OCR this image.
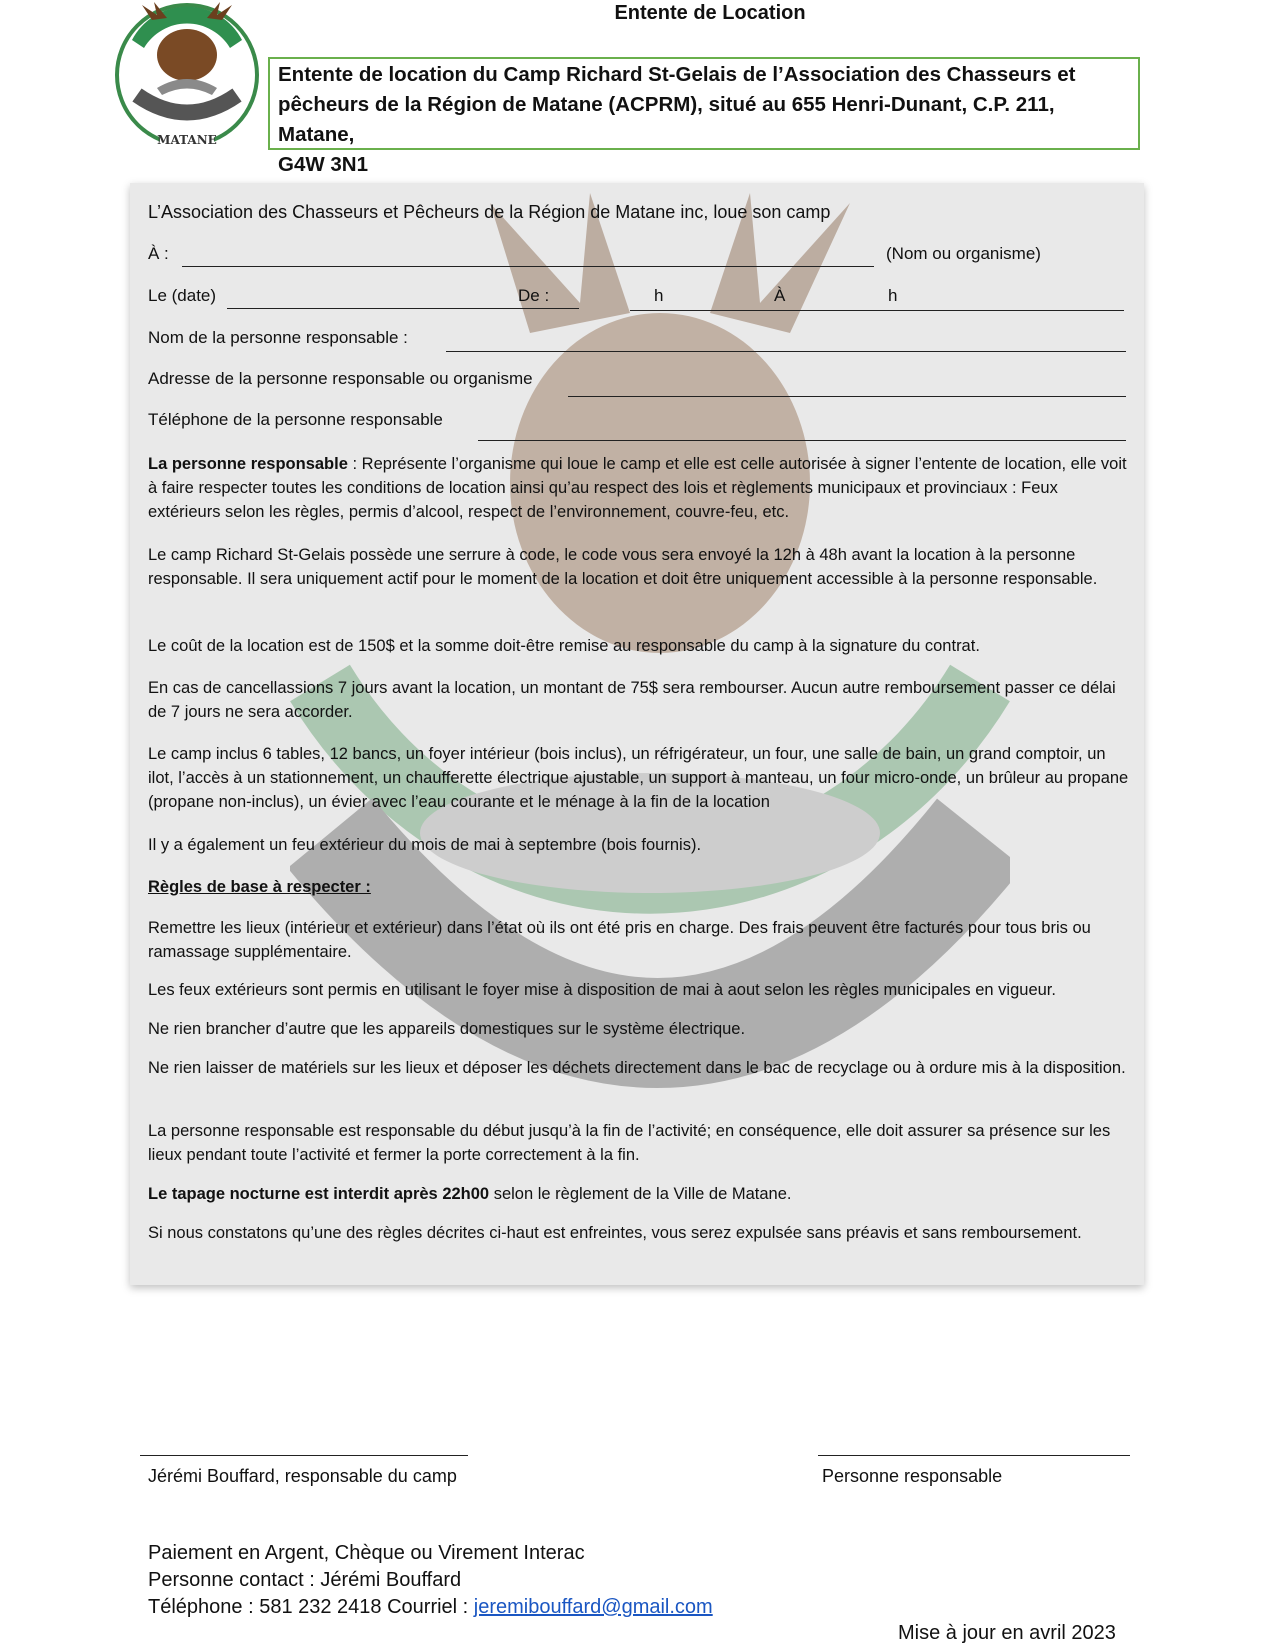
MATANE
Entente de Location
Entente de location du Camp Richard St-Gelais de l’Association des Chasseurs et
pêcheurs de la Région de Matane (ACPRM), situé au 655 Henri-Dunant, C.P. 211, Matane,
G4W 3N1
L’Association des Chasseurs et Pêcheurs de la Région de Matane inc, loue son camp
À :	(Nom ou organisme)
Le (date)	De :	h	À	h
Nom de la personne responsable :
Adresse de la personne responsable ou organisme
Téléphone de la personne responsable

La personne responsable : Représente l’organisme qui loue le camp et elle est celle autorisée à signer l’entente de location, elle voit à faire respecter toutes les conditions de location ainsi qu’au respect des lois et règlements municipaux et provinciaux : Feux extérieurs selon les règles, permis d’alcool, respect de l’environnement, couvre-feu, etc.

Le camp Richard St-Gelais possède une serrure à code, le code vous sera envoyé la 12h à 48h avant la location à la personne responsable. Il sera uniquement actif pour le moment de la location et doit être uniquement accessible à la personne responsable.

Le coût de la location est de 150$ et la somme doit-être remise au responsable du camp à la signature du contrat.

En cas de cancellassions 7 jours avant la location, un montant de 75$ sera rembourser. Aucun autre remboursement passer ce délai de 7 jours ne sera accorder.

Le camp inclus 6 tables, 12 bancs, un foyer intérieur (bois inclus), un réfrigérateur, un four, une salle de bain, un grand comptoir, un ilot, l’accès à un stationnement, un chaufferette électrique ajustable, un support à manteau, un four micro-onde, un brûleur au propane (propane non-inclus), un évier avec l’eau courante et le ménage à la fin de la location

Il y a également un feu extérieur du mois de mai à septembre (bois fournis).

Règles de base à respecter :

Remettre les lieux (intérieur et extérieur) dans l’état où ils ont été pris en charge. Des frais peuvent être facturés pour tous bris ou ramassage supplémentaire.

Les feux extérieurs sont permis en utilisant le foyer mise à disposition de mai à aout selon les règles municipales en vigueur.

Ne rien brancher d’autre que les appareils domestiques sur le système électrique.

Ne rien laisser de matériels sur les lieux et déposer les déchets directement dans le bac de recyclage ou à ordure mis à la disposition.

La personne responsable est responsable du début jusqu’à la fin de l’activité; en conséquence, elle doit assurer sa présence sur les lieux pendant toute l’activité et fermer la porte correctement à la fin.

Le tapage nocturne est interdit après 22h00 selon le règlement de la Ville de Matane.

Si nous constatons qu’une des règles décrites ci-haut est enfreintes, vous serez expulsée sans préavis et sans remboursement.

Jérémi Bouffard, responsable du camp	Personne responsable
Paiement en Argent, Chèque ou Virement Interac
Personne contact : Jérémi Bouffard
Téléphone : 581 232 2418 Courriel : jeremibouffard@gmail.com
Mise à jour en avril 2023
